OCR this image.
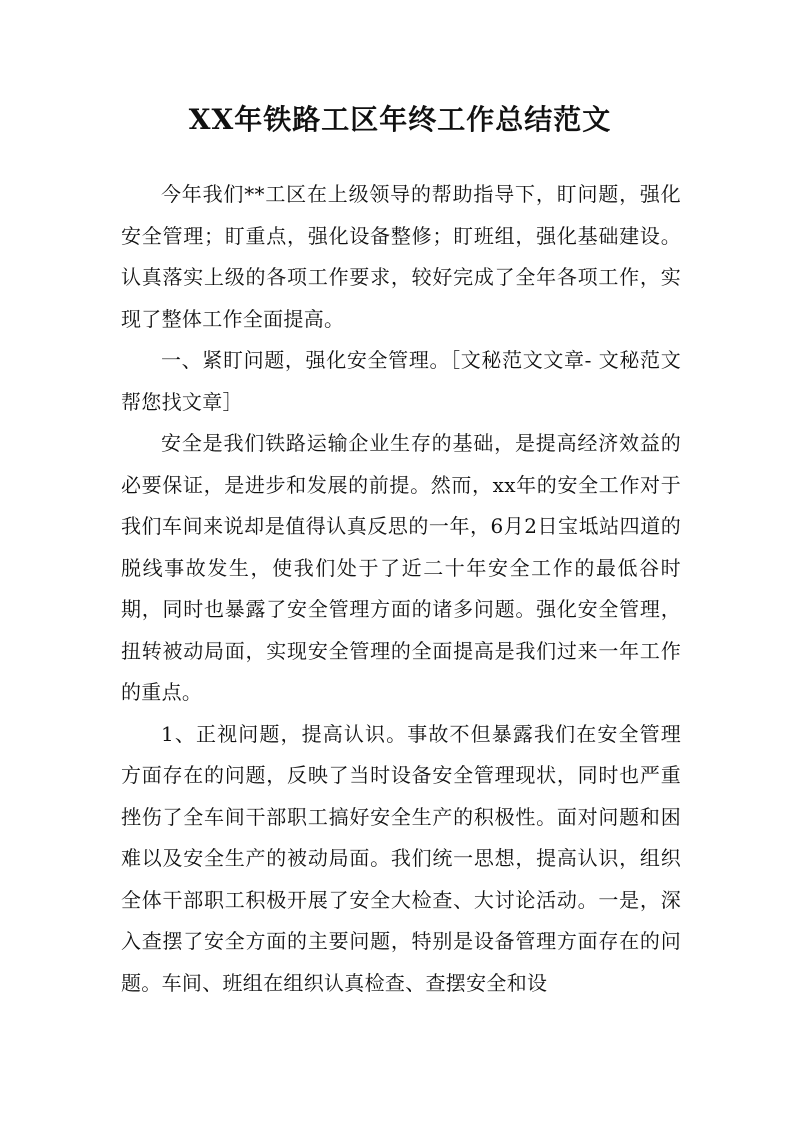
XX年铁路工区年终工作总结范文

今年我们**工区在上级领导的帮助指导下，盯问题，强化安全管理；盯重点，强化设备整修；盯班组，强化基础建设。认真落实上级的各项工作要求，较好完成了全年各项工作，实现了整体工作全面提高。

一、紧盯问题，强化安全管理。［文秘范文文章- 文秘范文 帮您找文章］

安全是我们铁路运输企业生存的基础，是提高经济效益的必要保证，是进步和发展的前提。然而，xx年的安全工作对于我们车间来说却是值得认真反思的一年，6月2日宝坻站四道的脱线事故发生，使我们处于了近二十年安全工作的最低谷时期，同时也暴露了安全管理方面的诸多问题。强化安全管理，扭转被动局面，实现安全管理的全面提高是我们过来一年工作的重点。

1、正视问题，提高认识。事故不但暴露我们在安全管理方面存在的问题，反映了当时设备安全管理现状，同时也严重挫伤了全车间干部职工搞好安全生产的积极性。面对问题和困难以及安全生产的被动局面。我们统一思想，提高认识，组织全体干部职工积极开展了安全大检查、大讨论活动。一是，深入查摆了安全方面的主要问题，特别是设备管理方面存在的问题。车间、班组在组织认真检查、查摆安全和设
